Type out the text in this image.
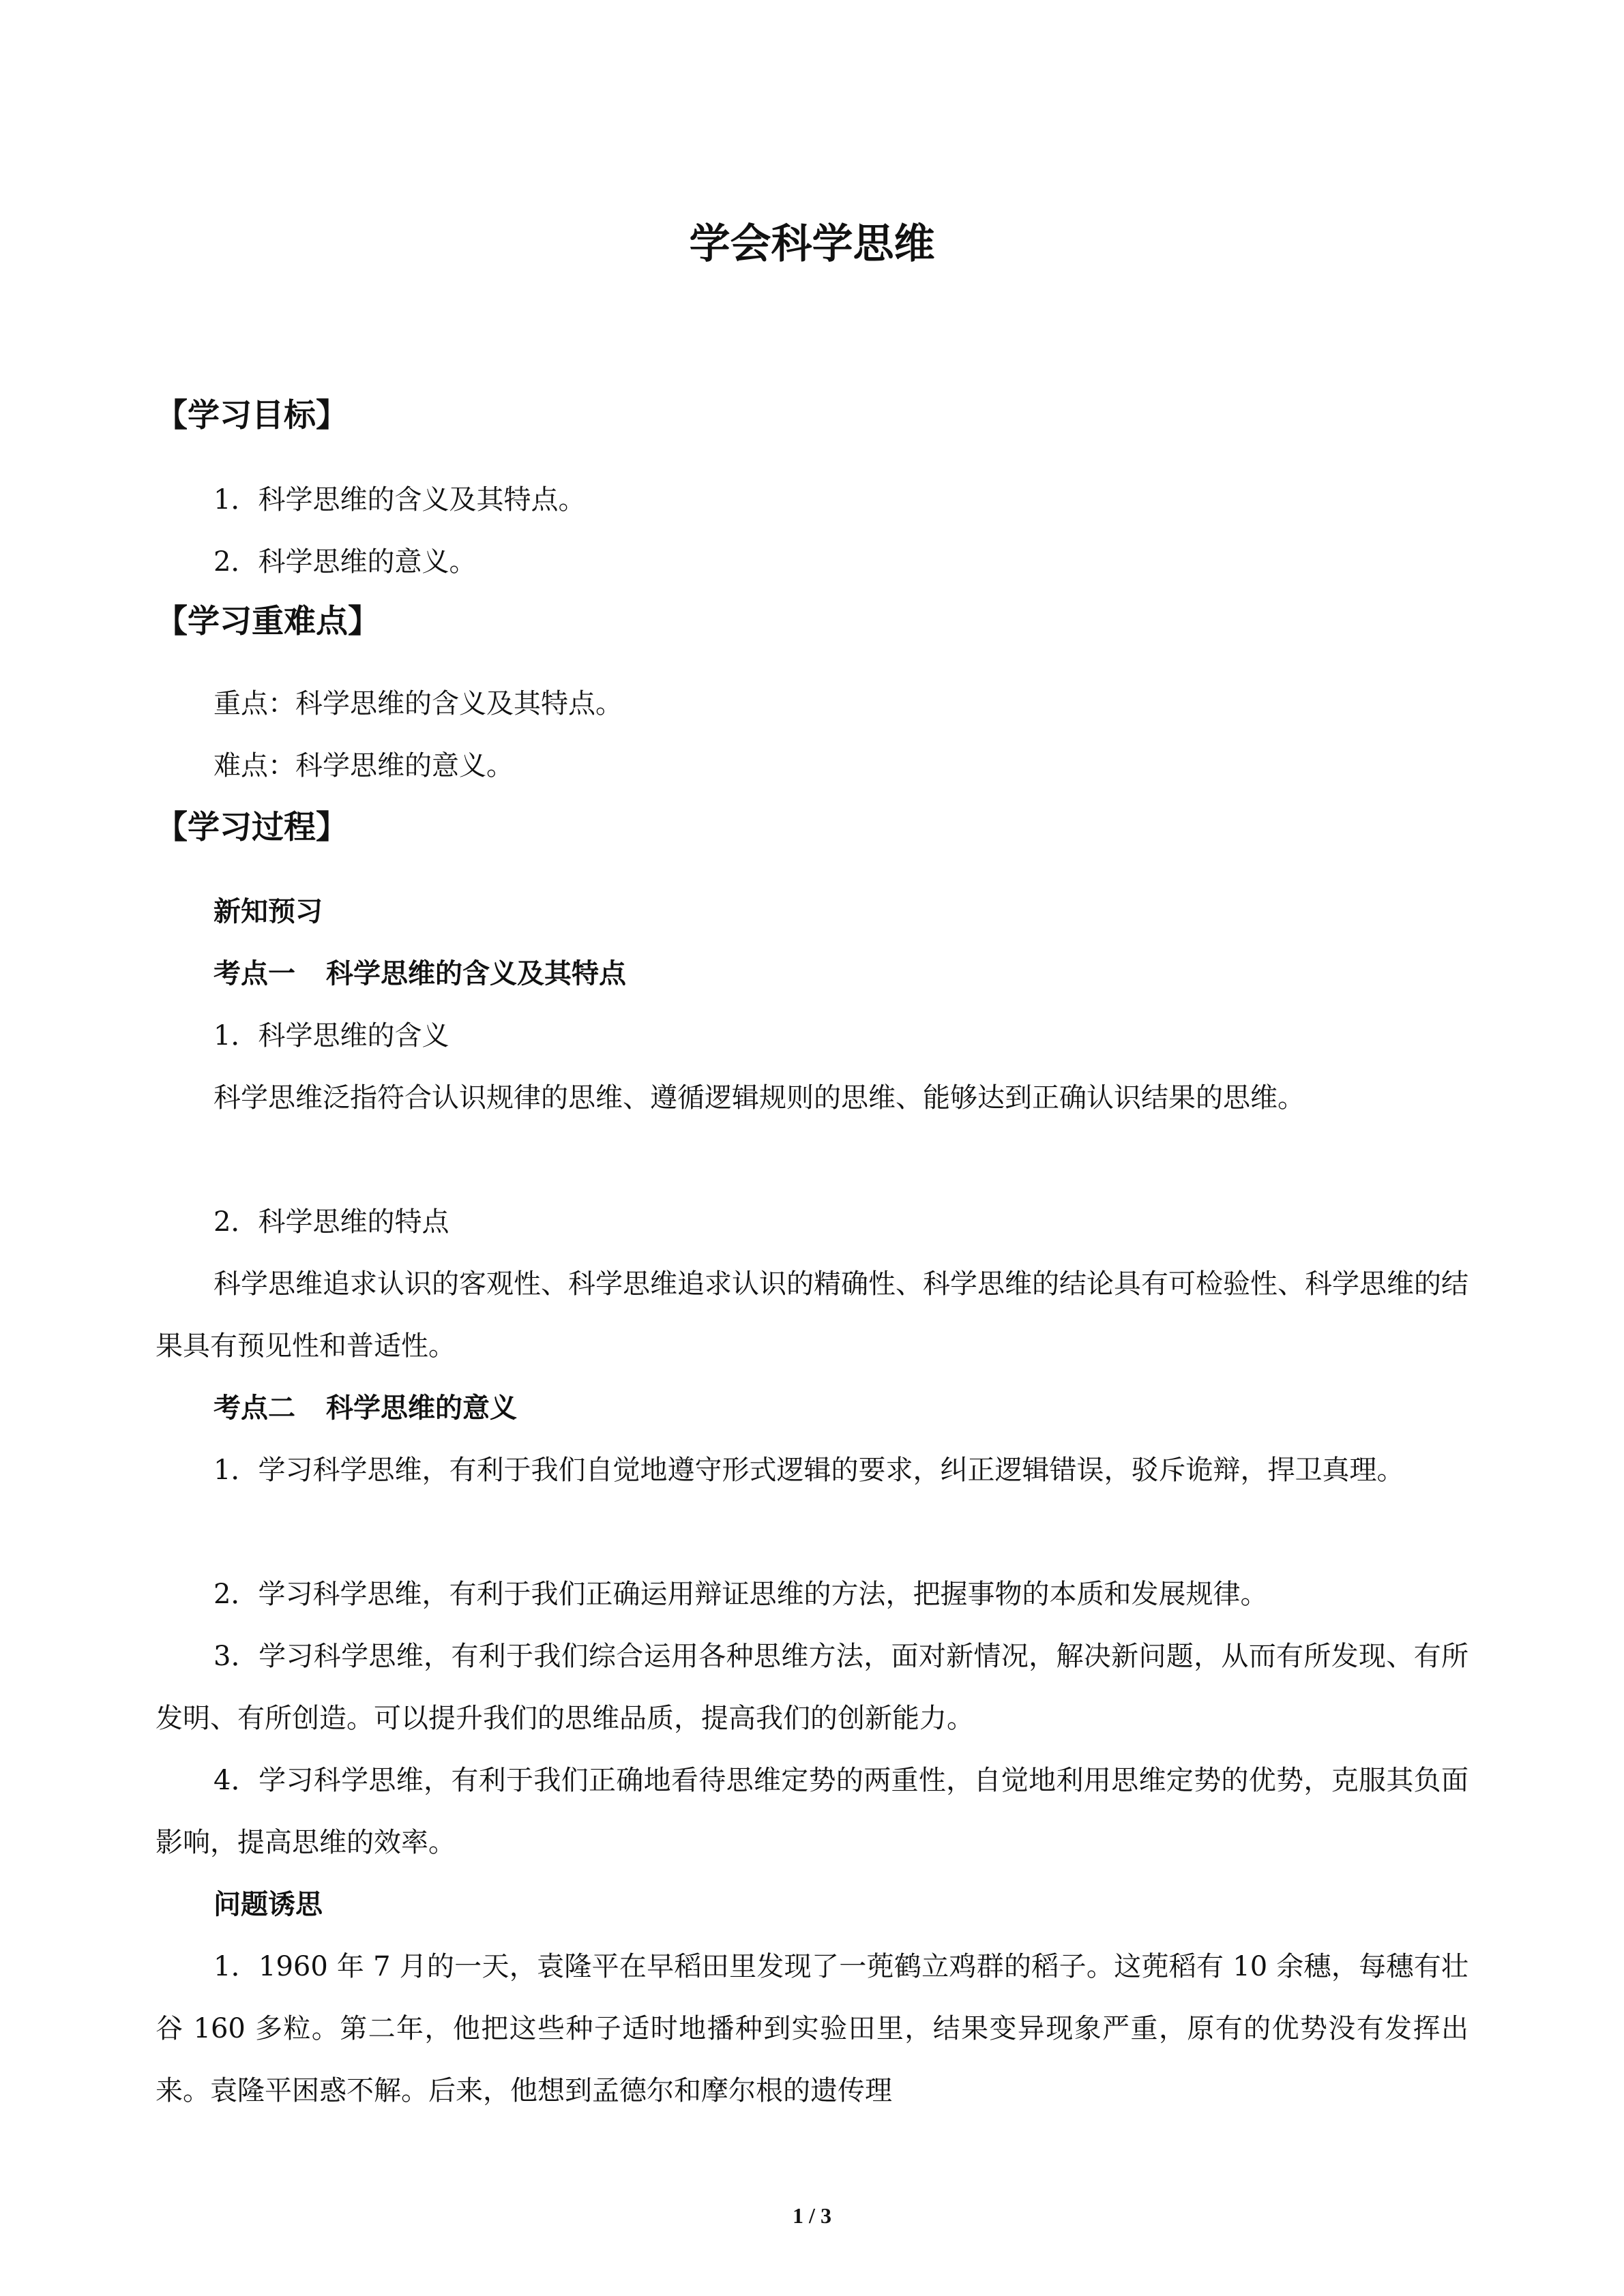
学会科学思维
【学习目标】

1．科学思维的含义及其特点。

2．科学思维的意义。

【学习重难点】

重点：科学思维的含义及其特点。

难点：科学思维的意义。

【学习过程】

新知预习

考点一 科学思维的含义及其特点

1．科学思维的含义

科学思维泛指符合认识规律的思维、遵循逻辑规则的思维、能够达到正确认识结果的思维。

2．科学思维的特点

科学思维追求认识的客观性、科学思维追求认识的精确性、科学思维的结论具有可检验性、科学思维的结果具有预见性和普适性。

考点二 科学思维的意义

1．学习科学思维，有利于我们自觉地遵守形式逻辑的要求，纠正逻辑错误，驳斥诡辩，捍卫真理。

2．学习科学思维，有利于我们正确运用辩证思维的方法，把握事物的本质和发展规律。

3．学习科学思维，有利于我们综合运用各种思维方法，面对新情况，解决新问题，从而有所发现、有所发明、有所创造。可以提升我们的思维品质，提高我们的创新能力。

4．学习科学思维，有利于我们正确地看待思维定势的两重性，自觉地利用思维定势的优势，克服其负面影响，提高思维的效率。

问题诱思

1．1960 年 7 月的一天，袁隆平在早稻田里发现了一蔸鹤立鸡群的稻子。这蔸稻有 10 余穗，每穗有壮谷 160 多粒。第二年，他把这些种子适时地播种到实验田里，结果变异现象严重，原有的优势没有发挥出来。袁隆平困惑不解。后来，他想到孟德尔和摩尔根的遗传理

1 / 3
